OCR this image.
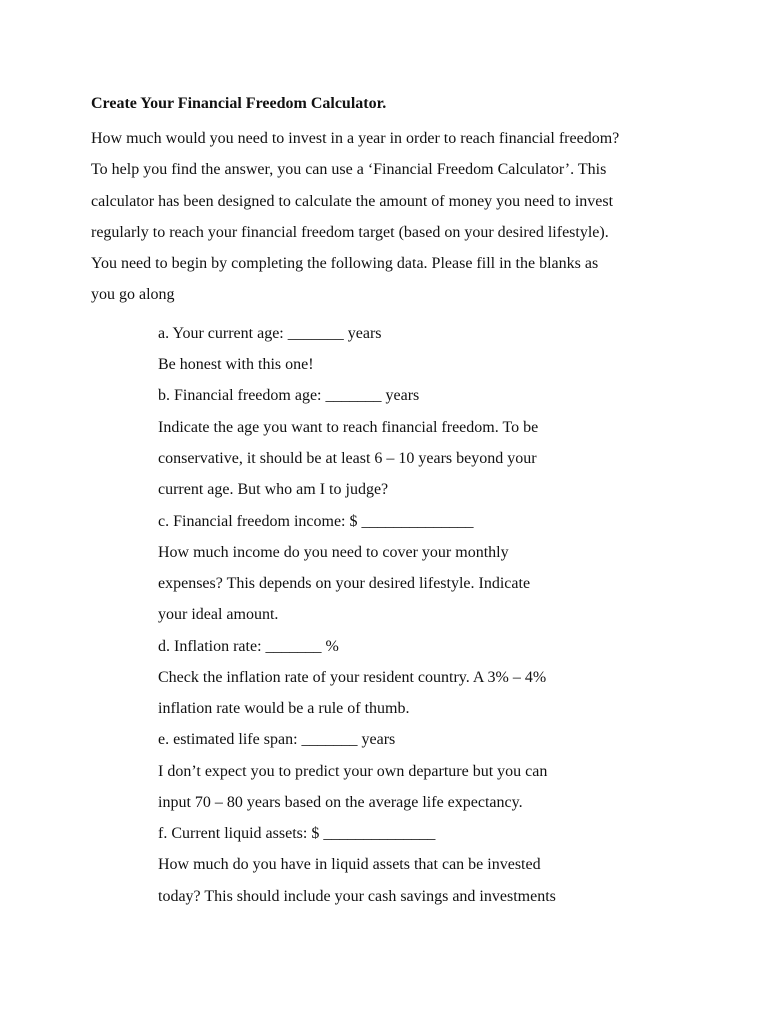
Create Your Financial Freedom Calculator.
How much would you need to invest in a year in order to reach financial freedom?
To help you find the answer, you can use a ‘Financial Freedom Calculator’. This
calculator has been designed to calculate the amount of money you need to invest
regularly to reach your financial freedom target (based on your desired lifestyle).
You need to begin by completing the following data. Please fill in the blanks as
you go along
a. Your current age: _______ years
Be honest with this one!
b. Financial freedom age: _______ years
Indicate the age you want to reach financial freedom. To be
conservative, it should be at least 6 – 10 years beyond your
current age. But who am I to judge?
c. Financial freedom income: $ ______________
How much income do you need to cover your monthly
expenses? This depends on your desired lifestyle. Indicate
your ideal amount.
d. Inflation rate: _______ %
Check the inflation rate of your resident country. A 3% – 4%
inflation rate would be a rule of thumb.
e. estimated life span: _______ years
I don’t expect you to predict your own departure but you can
input 70 – 80 years based on the average life expectancy.
f. Current liquid assets: $ ______________
How much do you have in liquid assets that can be invested
today? This should include your cash savings and investments
